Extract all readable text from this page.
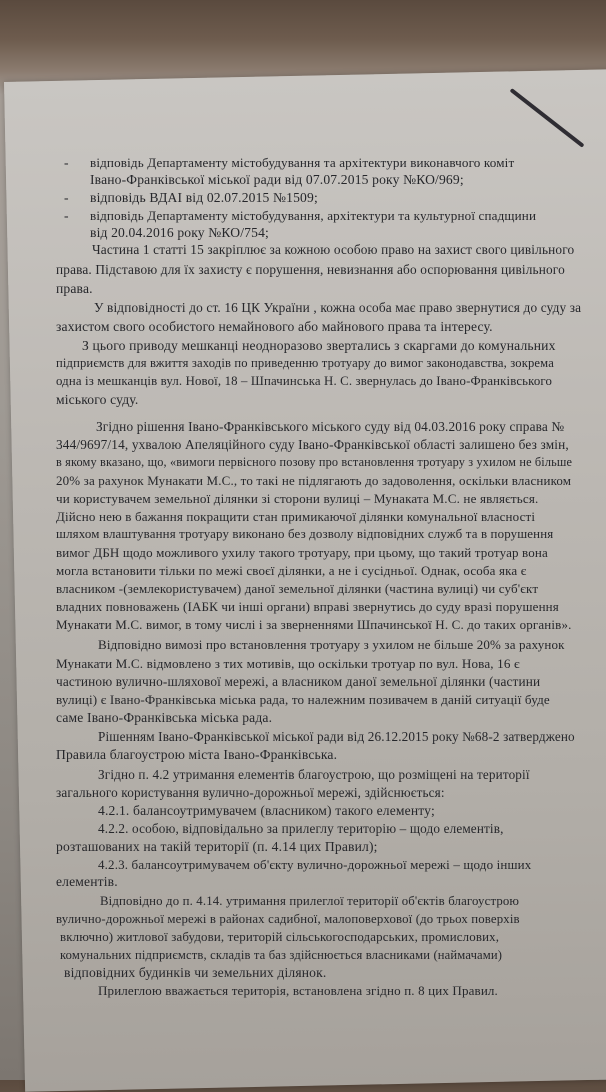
-
-
-
відповідь Департаменту містобудування та архітектури виконавчого коміт
Івано-Франківської міської ради від 07.07.2015 року №КО/969;
відповідь ВДАІ від 02.07.2015 №1509;
відповідь Департаменту містобудування, архітектури та культурної спадщини
від 20.04.2016 року №КО/754;
Частина 1 статті 15 закріплює за кожною особою право на захист свого цивільного
права. Підставою для їх захисту є порушення, невизнання або оспорювання цивільного
права.
У відповідності до ст. 16 ЦК України , кожна особа має право звернутися до суду за
захистом свого особистого немайнового або майнового права та інтересу.
З цього приводу мешканці неодноразово звертались з скаргами до комунальних
підприємств для вжиття заходів по приведенню тротуару до вимог законодавства, зокрема
одна із мешканців вул. Нової, 18 – Шпачинська Н. С. звернулась до Івано-Франківського
міського суду.
Згідно рішення Івано-Франківського міського суду від 04.03.2016 року справа №
344/9697/14, ухвалою Апеляційного суду Івано-Франківської області залишено без змін,
в якому вказано, що, «вимоги первісного позову про встановлення тротуару з ухилом не більше
20% за рахунок Мунакати М.С., то такі не підлягають до задоволення, оскільки власником
чи користувачем земельної ділянки зі сторони вулиці – Мунаката М.С. не являється.
Дійсно нею в бажання покращити стан примикаючої ділянки комунальної власності
шляхом влаштування тротуару виконано без дозволу відповідних служб та в порушення
вимог ДБН щодо можливого ухилу такого тротуару, при цьому, що такий тротуар вона
могла встановити тільки по межі своєї ділянки, а не і сусідньої. Однак, особа яка є
власником -(землекористувачем) даної земельної ділянки (частина вулиці) чи суб'єкт
владних повноважень (ІАБК чи інші органи) вправі звернутись до суду вразі порушення
Мунакати М.С. вимог, в тому числі і за зверненнями Шпачинської Н. С. до таких органів».
Відповідно вимозі про встановлення тротуару з ухилом не більше 20% за рахунок
Мунакати М.С. відмовлено з тих мотивів, що оскільки тротуар по вул. Нова, 16 є
частиною вулично-шляхової мережі, а власником даної земельної ділянки (частини
вулиці) є Івано-Франківська міська рада, то належним позивачем в даній ситуації буде
саме Івано-Франківська міська рада.
Рішенням Івано-Франківської міської ради від 26.12.2015 року №68-2 затверджено
Правила благоустрою міста Івано-Франківська.
Згідно п. 4.2 утримання елементів благоустрою, що розміщені на території
загального користування вулично-дорожньої мережі, здійснюється:
4.2.1. балансоутримувачем (власником) такого елементу;
4.2.2. особою, відповідально за прилеглу територію – щодо елементів,
розташованих на такій території (п. 4.14 цих Правил);
4.2.3. балансоутримувачем об'єкту вулично-дорожньої мережі – щодо інших
елементів.
Відповідно до п. 4.14. утримання прилеглої території об'єктів благоустрою
вулично-дорожньої мережі в районах садибної, малоповерхової (до трьох поверхів
включно) житлової забудови, територій сільськогосподарських, промислових,
комунальних підприємств, складів та баз здійснюється власниками (наймачами)
відповідних будинків чи земельних ділянок.
Прилеглою вважається територія, встановлена згідно п. 8 цих Правил.
